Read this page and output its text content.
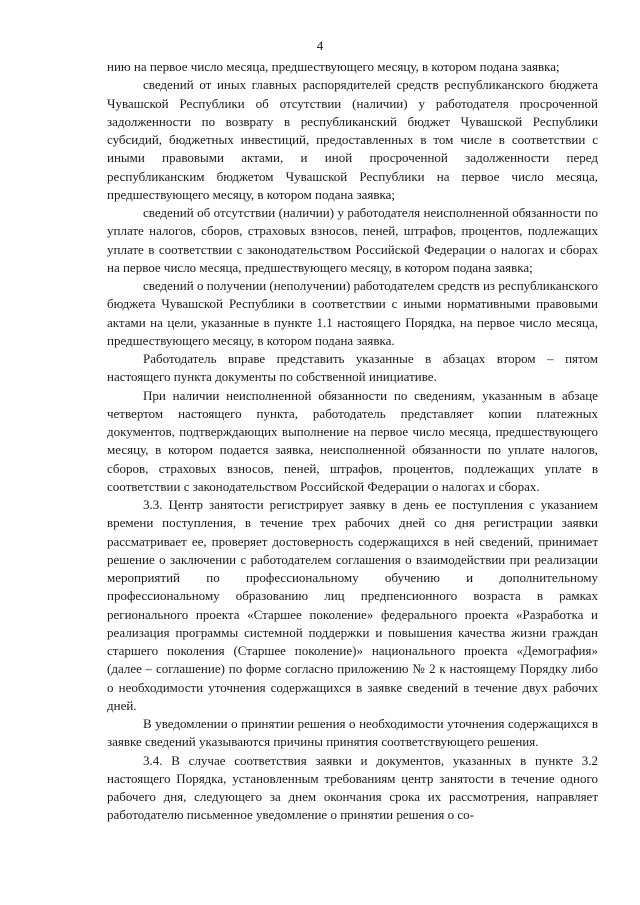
4

нию на первое число месяца, предшествующего месяцу, в котором подана заявка;

сведений от иных главных распорядителей средств республиканского бюджета Чувашской Республики об отсутствии (наличии) у работодателя просроченной задолженности по возврату в республиканский бюджет Чувашской Республики субсидий, бюджетных инвестиций, предоставленных в том числе в соответствии с иными правовыми актами, и иной просроченной задолженности перед республиканским бюджетом Чувашской Республики на первое число месяца, предшествующего месяцу, в котором подана заявка;

сведений об отсутствии (наличии) у работодателя неисполненной обязанности по уплате налогов, сборов, страховых взносов, пеней, штрафов, процентов, подлежащих уплате в соответствии с законодательством Российской Федерации о налогах и сборах на первое число месяца, предшествующего месяцу, в котором подана заявка;

сведений о получении (неполучении) работодателем средств из республиканского бюджета Чувашской Республики в соответствии с иными нормативными правовыми актами на цели, указанные в пункте 1.1 настоящего Порядка, на первое число месяца, предшествующего месяцу, в котором подана заявка.

Работодатель вправе представить указанные в абзацах втором – пятом настоящего пункта документы по собственной инициативе.

При наличии неисполненной обязанности по сведениям, указанным в абзаце четвертом настоящего пункта, работодатель представляет копии платежных документов, подтверждающих выполнение на первое число месяца, предшествующего месяцу, в котором подается заявка, неисполненной обязанности по уплате налогов, сборов, страховых взносов, пеней, штрафов, процентов, подлежащих уплате в соответствии с законодательством Российской Федерации о налогах и сборах.

3.3. Центр занятости регистрирует заявку в день ее поступления с указанием времени поступления, в течение трех рабочих дней со дня регистрации заявки рассматривает ее, проверяет достоверность содержащихся в ней сведений, принимает решение о заключении с работодателем соглашения о взаимодействии при реализации мероприятий по профессиональному обучению и дополнительному профессиональному образованию лиц предпенсионного возраста в рамках регионального проекта «Старшее поколение» федерального проекта «Разработка и реализация программы системной поддержки и повышения качества жизни граждан старшего поколения (Старшее поколение)» национального проекта «Демография» (далее – соглашение) по форме согласно приложению № 2 к настоящему Порядку либо о необходимости уточнения содержащихся в заявке сведений в течение двух рабочих дней.

В уведомлении о принятии решения о необходимости уточнения содержащихся в заявке сведений указываются причины принятия соответствующего решения.

3.4. В случае соответствия заявки и документов, указанных в пункте 3.2 настоящего Порядка, установленным требованиям центр занятости в течение одного рабочего дня, следующего за днем окончания срока их рассмотрения, направляет работодателю письменное уведомление о принятии решения о со-
